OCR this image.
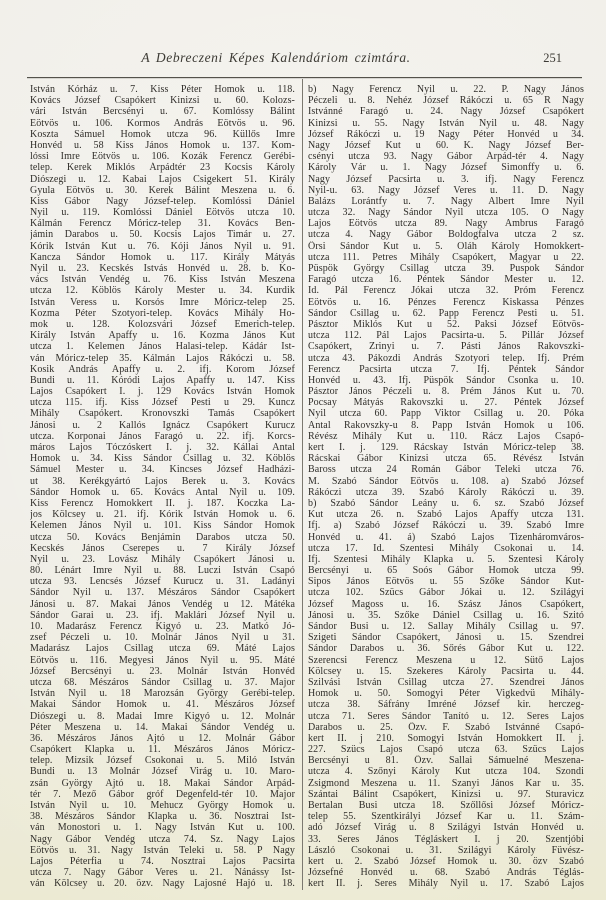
A Debreczeni Képes Kalendáriom czimtára.	251
István Kórház u. 7. Kiss Péter Homok u. 118.
Kovács József Csapókert Kinizsi u. 60. Kolozs-
vári István Bercsényi u. 67. Komlóssy Bálint
Eötvös u. 106. Kormos András Eötvös u. 96.
Koszta Sámuel Homok utcza 96. Küllős Imre
Honvéd u. 58 Kiss János Homok u. 137. Kom-
lóssi Imre Eötvös u. 106. Kozák Ferencz Gerébi-
telep. Kerek Miklós Árpádtér 23 Kocsis Károly
Diószegi u. 12. Kabai Lajos Csigekert 51. Király
Gyula Eötvös u. 30. Kerek Bálint Meszena u. 6.
Kiss Gábor Nagy József-telep. Komlóssi Dániel
Nyil u. 119. Komlóssi Dániel Eötvös utcza 10.
Kálmán Ferencz Móricz-telep 31. Kovács Ben-
jámin Darabos u. 50. Kocsis Lajos Timár u. 27.
Kórik István Kut u. 76. Kóji János Nyil u. 91.
Kancza Sándor Homok u. 117. Király Mátyás
Nyil u. 23. Kecskés Istvás Honvéd u. 28. b. Ko-
vács István Vendég u. 76. Kiss István Meszena
utcza 12. Köblös Károly Mester u. 34. Kurdik
István Veress u. Korsós Imre Móricz-telep 25.
Kozma Péter Szotyori-telep. Kovács Mihály Ho-
mok u. 128. Kolozsvári József Emerich-telep.
Király István Apaffy u. 16. Kozma János Kut
utcza 1. Kelemen János Halasi-telep. Kádár Ist-
ván Móricz-telep 35. Kálmán Lajos Rákóczi u. 58.
Kosik András Apaffy u. 2. ifj. Korom József
Bundi u. 11. Kóródi Lajos Apaffy u. 147. Kiss
Lajos Csapókert I. j. 129 Kovács István Homok
utcza 115. ifj. Kiss József Pesti u 29. Kuncz
Mihály Csapókert. Kronovszki Tamás Csapókert
Jánosi u. 2 Kallós Ignácz Csapókert Kurucz
utcza. Korponai János Faragó u. 22. ifj. Korcs-
máros Lajos Tóczóskert I. j. 32. Kállai Antal
Homok u. 34. Kiss Sándor Csillag u. 32. Köblös
Sámuel Mester u. 34. Kincses József Hadházi-
ut 38. Kerékgyártó Lajos Berek u. 3. Kovács
Sándor Homok u. 65. Kovács Antal Nyil u. 109.
Kiss Ferencz Homokkert II. j. 187. Koczka La-
jos Kölcsey u. 21. ifj. Kórik István Homok u. 6.
Kelemen János Nyil u. 101. Kiss Sándor Homok
utcza 50. Kovács Benjámin Darabos utcza 50.
Kecskés János Cserepes u. 7 Király József
Nyil u. 23. Lovász Mihály Csapókert Jánosi u.
80. Lénárt Imre Nyil u. 88. Luczi István Csapó
utcza 93. Lencsés József Kurucz u. 31. Ladányi
Sándor Nyil u. 137. Mészáros Sándor Csapókert
Jánosi u. 87. Makai János Vendég u 12. Mátéka
Sándor Garai u. 23. ifj. Maklári József Nyil u.
10. Madarász Ferencz Kigyó u. 23. Matkó Jó-
zsef Péczeli u. 10. Molnár János Nyil u 31.
Madarász Lajos Csillag utcza 69. Máté Lajos
Eötvös u. 116. Megyesi János Nyil u. 95. Máté
József Bercsényi u. 23. Molnár István Honvéd
utcza 68. Mészáros Sándor Csillag u. 37. Major
István Nyil u. 18 Marozsán György Gerébi-telep.
Makai Sándor Homok u. 41. Mészáros József
Diószegi u. 8. Madai Imre Kigyó u. 12. Molnár
Péter Meszena u. 14. Makai Sándor Vendég u.
36. Mészáros János Ajtó u 12. Molnár Gábor
Csapókert Klapka u. 11. Mészáros János Móricz-
telep. Mizsik József Csokonai u. 5. Miló István
Bundi u. 13 Molnár József Virág u. 10. Maro-
zsán György Ajtó u. 18. Makai Sándor Árpád-
tér 7. Mező Gábor gróf Degenfeld-tér 10. Major
István Nyil u. 10. Mehucz György Homok u.
38. Mészáros Sándor Klapka u. 36. Nosztrai Ist-
ván Monostori u. 1. Nagy István Kut u. 100.
Nagy Gábor Vendég utcza 74. Sz. Nagy Lajos
Eötvös u. 31. Nagy István Teleki u. 58. P Nagy
Lajos Péterfia u 74. Nosztrai Lajos Pacsirta
utcza 7. Nagy Gábor Veres u. 21. Nánássy Ist-
ván Kölcsey u. 20. özv. Nagy Lajosné Hajó u. 18.
b) Nagy Ferencz Nyil u. 22. P. Nagy János
Péczeli u. 8. Nehéz József Rákóczi u. 65 R Nagy
Istvánné Faragó u. 24. Nagy József Csapókert
Kinizsi u. 55. Nagy István Nyil u. 48. Nagy
József Rákóczi u. 19 Nagy Péter Honvéd u 34.
Nagy József Kut u 60. K. Nagy József Ber-
csényi utcza 93. Nagy Gábor Árpád-tér 4. Nagy
Károly Vár u. 1. Nagy József Simonffy u. 6.
Nagy József Pacsirta u. 3. ifj. Nagy Ferencz
Nyil-u. 63. Nagy József Veres u. 11. D. Nagy
Balázs Lorántfy u. 7. Nagy Albert Imre Nyil
utcza 32. Nagy Sándor Nyil utcza 105. Ó Nagy
Lajos Eötvös utcza 89. Nagy Ambrus Faragó
utcza 4. Nagy Gábor Boldogfalva utcza 2 sz.
Örsi Sándor Kut u. 5. Oláh Károly Homokkert-
utcza 111. Petres Mihály Csapókert, Magyar u 22.
Püspök György Csillag utcza 39. Puspok Sándor
Faragó utcza 16. Péntek Sándor Mester u. 12.
Id. Pál Ferencz Jókai utcza 32. Próm Ferencz
Eötvös u. 16. Pénzes Ferencz Kiskassa Pénzes
Sándor Csillag u. 62. Papp Ferencz Pesti u. 51.
Pásztor Miklós Kut u 52. Paksi József Eötvös-
utcza 112. Pál Lajos Pacsirta-u. 5. Pillár József
Csapókert, Zrinyi u. 7. Pásti János Rakovszki-
utcza 43. Pákozdi András Szotyori telep. Ifj. Prém
Ferencz Pacsirta utcza 7. Ifj. Péntek Sándor
Honvéd u. 43. Ifj. Püspök Sándor Csonka u. 10.
Pásztor János Péczeli u. 8. Prém János Kut u. 70.
Pocsay Mátyás Rakovszki u. 27. Péntek József
Nyil utcza 60. Papp Viktor Csillag u. 20. Póka
Antal Rakovszky-u 8. Papp István Homok u 106.
Révész Mihály Kut u. 110. Rácz Lajos Csapó-
kert I. j. 129. Rácskay István Móricz-telep 38.
Rácskai Gábor Kinizsi utcza 65. Révész István
Baross utcza 24 Román Gábor Teleki utcza 76.
M. Szabó Sándor Eötvös u. 108. a) Szabó József
Rákóczi utcza 39. Szabó Károly Rákóczi u. 39.
b) Szabó Sándor Leány u. 6. sz. Szabó József
Kut utcza 26. n. Szabó Lajos Apaffy utcza 131.
Ifj. a) Szabó József Rákóczi u. 39. Szabó Imre
Honvéd u. 41. á) Szabó Lajos Tizenháromváros-
utcza 17. Id. Szentesi Mihály Csokonai u. 14.
Ifj. Szentesi Mihály Klapka u. 5. Szentesi Károly
Bercsényi u. 65 Soós Gábor Homok utcza 99.
Sipos János Eötvös u. 55 Szőke Sándor Kut-
utcza 102. Szücs Gábor Jókai u. 12. Szilágyi
József Magoss u. 16. Szász János Csapókert,
Jánosi u. 35. Szőke Dániel Csillag u. 16. Szitó
Sándor Busi u. 12. Sallay Mihály Csillag u. 97.
Szigeti Sándor Csapókert, Jánosi u. 15. Szendrei
Sándor Darabos u. 36. Sőrés Gábor Kut u. 122.
Szerencsi Ferencz Meszena u 12. Sütő Lajos
Kölcsey u. 15. Szekeres Károly Pacsirta u. 44.
Szilvási István Csillag utcza 27. Szendrei János
Homok u. 50. Somogyi Péter Vigkedvü Mihály-
utcza 38. Sáfrány Imréné József kir. herczeg-
utcza 71. Seres Sándor Tanító u. 12. Seres Lajos
Darabos u. 25. Özv. F. Szabó Istvánné Csapó-
kert II. j 210. Somogyi István Homokkert II. j.
227. Szücs Lajos Csapó utcza 63. Szücs Lajos
Bercsényi u 81. Özv. Sallai Sámuelné Meszena-
utcza 4. Szőnyi Károly Kut utcza 104. Szondi
Zsigmond Meszena u. 11. Szanyi János Kar u. 35.
Szántai Bálint Csapókert, Kinizsi u. 97. Sturavicz
Bertalan Busi utcza 18. Szőllősi József Móricz-
telep 55. Szentkirályi József Kar u. 11. Szám-
adó József Virág u. 8 Szilágyi István Honvéd u.
33. Seres János Tégláskert I. j 20. Szentjóbi
László Csokonai u. 31. Szilágyi Károly Füvész-
kert u. 2. Szabó József Homok u. 30. özv Szabó
Józsefné Honvéd u. 68. Szabó András Téglás-
kert II. j. Seres Mihály Nyil u. 17. Szabó Lajos
